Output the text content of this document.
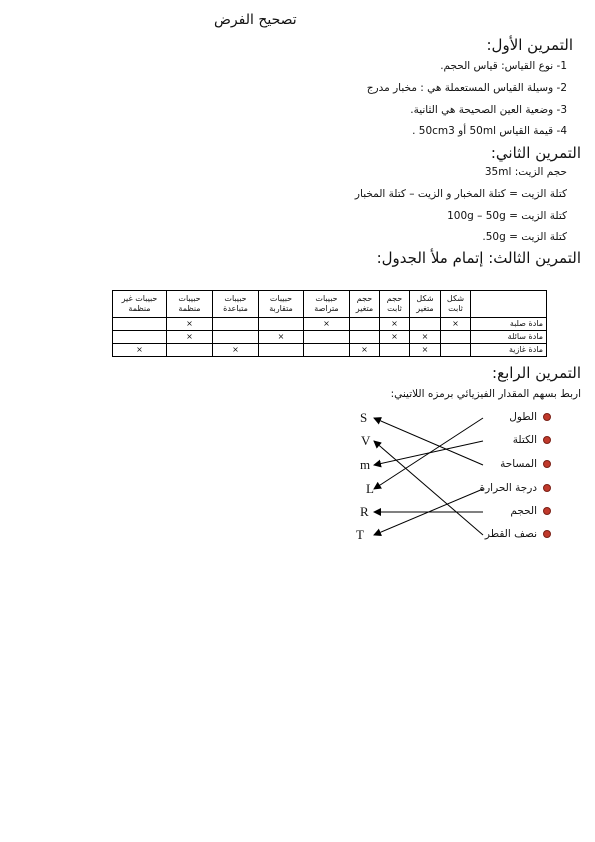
تصحيح الفرض
التمرين الأول:
1- نوع القياس: قياس الحجم.
2- وسيلة القياس المستعملة هي : مخبار مدرج
3- وضعية العين الصحيحة هي الثانية.
4- قيمة القياس 50ml أو 50cm3 .
التمرين الثاني:
حجم الزيت: 35ml
كتلة الزيت = كتلة المخبار و الزيت – كتلة المخبار
كتلة الزيت = 100g – 50g
كتلة الزيت = 50g.
التمرين الثالث: إتمام ملأ الجدول:
حبيبات غير منظمة	حبيبات منظمة	حبيبات متباعدة	حبيبات متقاربة	حبيبات متراصة	حجم متغير	حجم ثابت	شكل متغير	شكل ثابت	
	×			×		×		×	مادة صلبة
	×		×			×	×		مادة سائلة
×		×			×		×		مادة غازية
التمرين الرابع:
اربط بسهم المقدار الفيزيائي برمزه اللاتيني:
الطول
الكتلة
المساحة
درجة الحرارة
الحجم
نصف القطر
S
V
m
L
R
T
